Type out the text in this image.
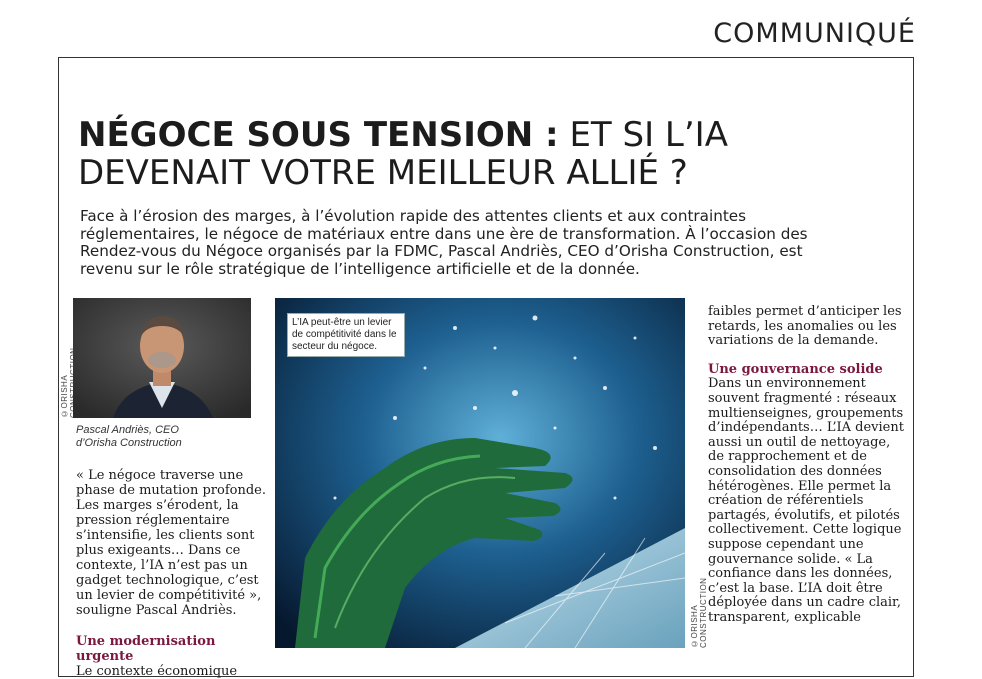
COMMUNIQUÉ
NÉGOCE SOUS TENSION : ET SI L’IA
DEVENAIT VOTRE MEILLEUR ALLIÉ ?
Face à l’érosion des marges, à l’évolution rapide des attentes clients et aux contraintes réglementaires, le négoce de matériaux entre dans une ère de transformation. À l’occasion des Rendez-vous du Négoce organisés par la FDMC, Pascal Andriès, CEO d’Orisha Construction, est revenu sur le rôle stratégique de l’intelligence artificielle et de la donnée.
©ORISHA
Pascal Andriès, CEO
d’Orisha Construction
« Le négoce traverse une phase de mutation profonde. Les marges s’érodent, la pression réglementaire s’intensifie, les clients sont plus exigeants… Dans ce contexte, l’IA n’est pas un gadget technologique, c’est un levier de compétitivité », souligne Pascal Andriès.
Une modernisation urgente
Le contexte économique
L’IA peut-être un levier de compétitivité dans le secteur du négoce.
©ORISHA CONSTRUCTION
faibles permet d’anticiper les retards, les anomalies ou les variations de la demande.
Une gouvernance solide
Dans un environnement souvent fragmenté : réseaux multienseignes, groupements d’indépendants… L’IA devient aussi un outil de nettoyage, de rapprochement et de consolidation des données hétérogènes. Elle permet la création de référentiels partagés, évolutifs, et pilotés collectivement. Cette logique suppose cependant une gouvernance solide. « La confiance dans les données, c’est la base. L’IA doit être déployée dans un cadre clair, transparent, explicable
